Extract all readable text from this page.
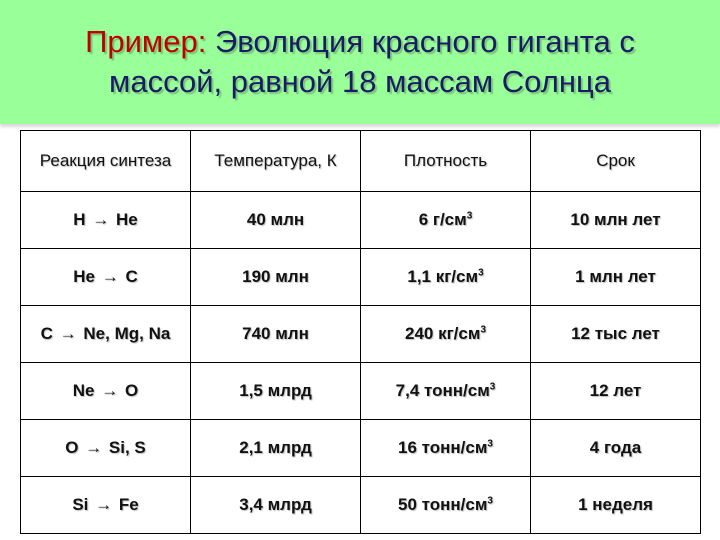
Пример: Эволюция красного гиганта с
массой, равной 18 массам Солнца
Реакция синтеза	Температура, К	Плотность	Срок
H → He	40 млн	6 $г/см^3$	10 млн лет
He → C	190 млн	1,1 $кг/см^3$	1 млн лет
C → Ne, Mg, Na	740 млн	240 $кг/см^3$	12 тыс лет
Ne → O	1,5 млрд	7,4 тонн/$см^3$	12 лет
O → Si, S	2,1 млрд	16 тонн/$см^3$	4 года
Si → Fe	3,4 млрд	50 тонн/$см^3$	1 неделя
